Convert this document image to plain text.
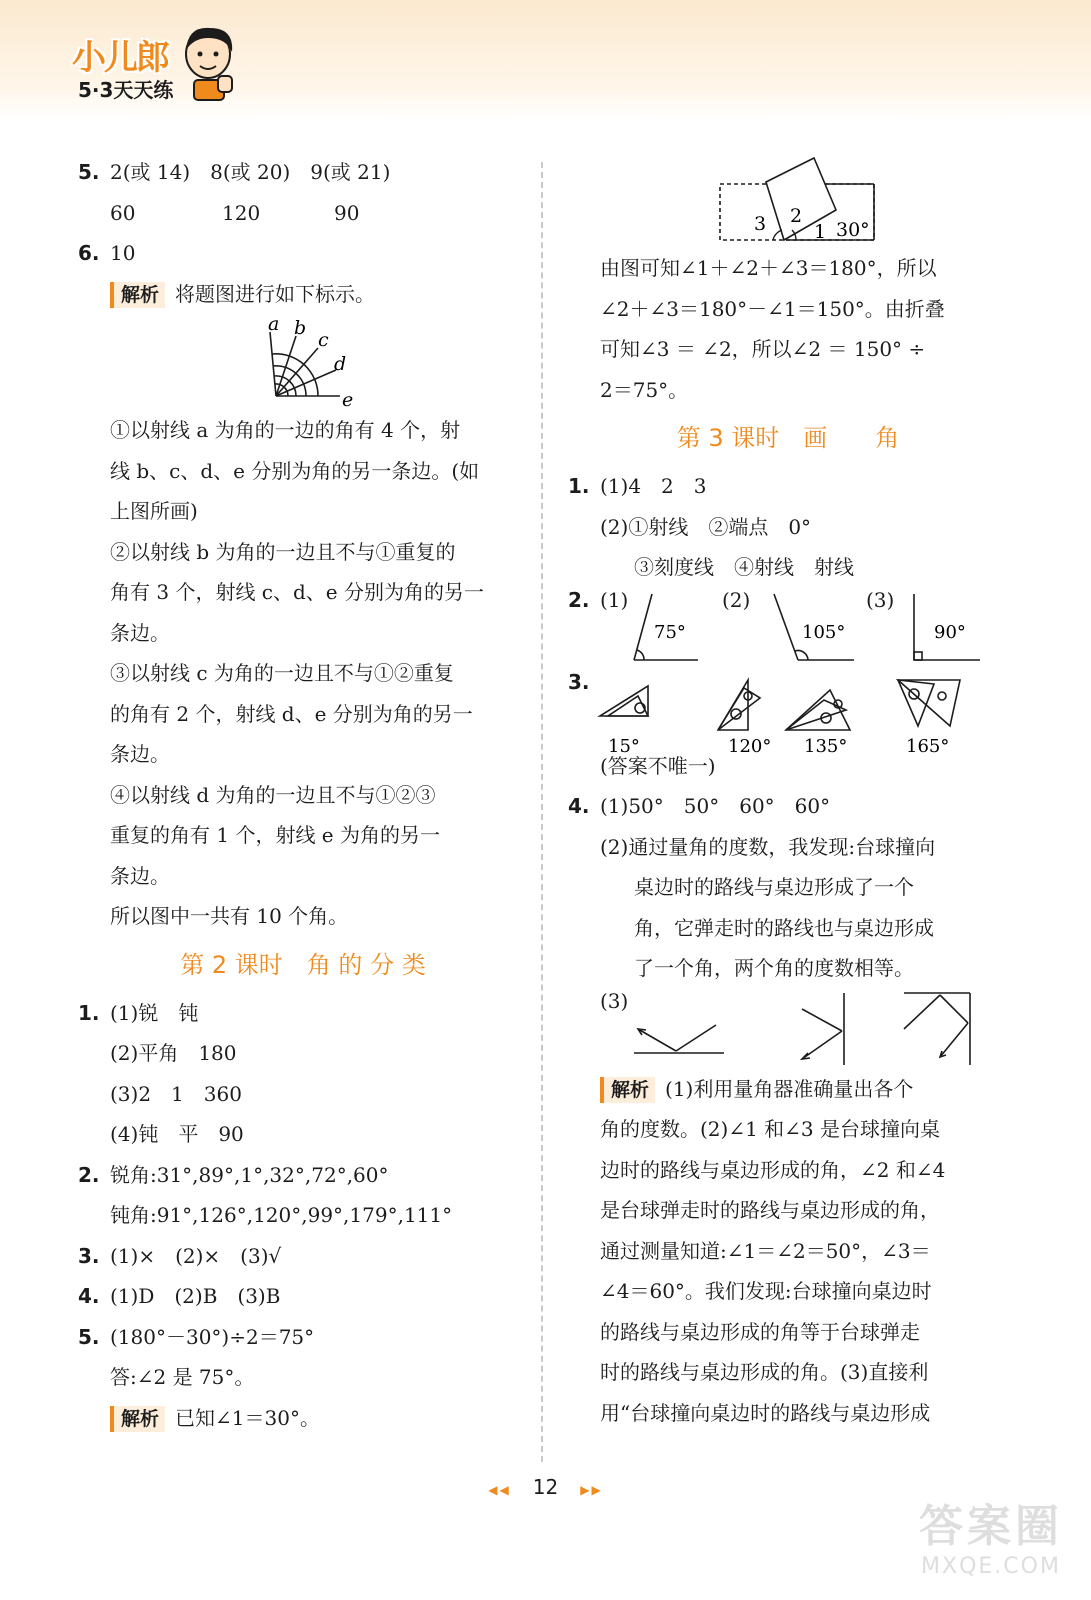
小儿郎
5·3天天练
5. 2(或 14) 8(或 20) 9(或 21)
60	120	90
6. 10
解析 将题图进行如下标示。
a b
c
d
e
①以射线 a 为角的一边的角有 4 个，射
线 b、c、d、e 分别为角的另一条边。(如
上图所画)
②以射线 b 为角的一边且不与①重复的
角有 3 个，射线 c、d、e 分别为角的另一
条边。
③以射线 c 为角的一边且不与①②重复
的角有 2 个，射线 d、e 分别为角的另一
条边。
④以射线 d 为角的一边且不与①②③
重复的角有 1 个，射线 e 为角的另一
条边。
所以图中一共有 10 个角。
第 2 课时　角 的 分 类
1. (1)锐　钝
(2)平角　180
(3)2　1　360
(4)钝　平　90
2. 锐角:31°,89°,1°,32°,72°,60°
钝角:91°,126°,120°,99°,179°,111°
3. (1)×　(2)×　(3)√
4. (1)D　(2)B　(3)B
5. (180°－30°)÷2＝75°
答:∠2 是 75°。
解析 已知∠1＝30°。
3 2
1 30°
由图可知∠1＋∠2＋∠3＝180°，所以
∠2＋∠3＝180°－∠1＝150°。由折叠
可知∠3 ＝ ∠2，所以∠2 ＝ 150° ÷
2＝75°。
第 3 课时　画　　角
1. (1)4　2　3
(2)①射线　②端点　0°
③刻度线　④射线　射线
2. (1)	(2)	(3)
75°	105°	90°
3.
15°	120° 135°	165°
(答案不唯一)
4. (1)50°　50°　60°　60°
(2)通过量角的度数，我发现:台球撞向
桌边时的路线与桌边形成了一个
角，它弹走时的路线也与桌边形成
了一个角，两个角的度数相等。
(3)
解析 (1)利用量角器准确量出各个
角的度数。(2)∠1 和∠3 是台球撞向桌
边时的路线与桌边形成的角，∠2 和∠4
是台球弹走时的路线与桌边形成的角，
通过测量知道:∠1＝∠2＝50°，∠3＝
∠4＝60°。我们发现:台球撞向桌边时
的路线与桌边形成的角等于台球弹走
时的路线与桌边形成的角。(3)直接利
用“台球撞向桌边时的路线与桌边形成
◀◀ 12 ▶▶
答案圈
MXQE.COM
